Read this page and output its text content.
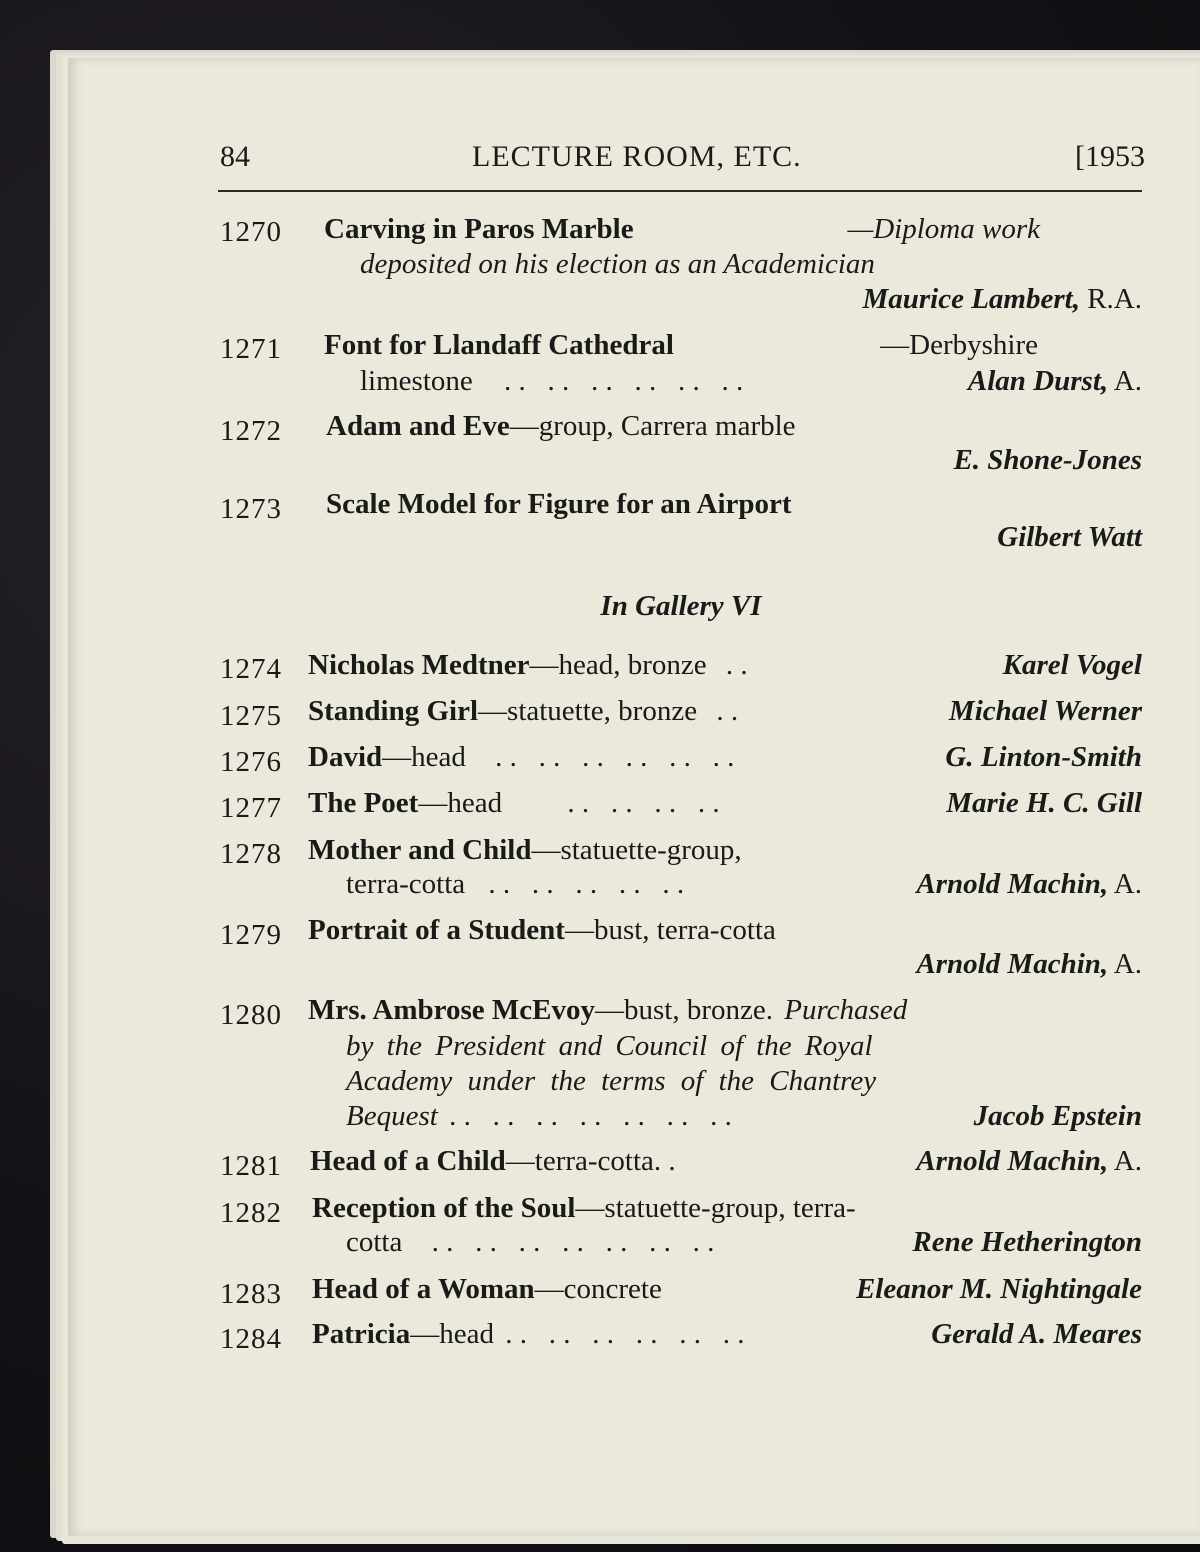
84	LECTURE ROOM, ETC.	[1953
1270 Carving in Paros Marble	—Diploma work
deposited on his election as an Academician
Maurice Lambert, R.A.
1271 Font for Llandaff Cathedral	—Derbyshire
limestone . .   . .   . .   . .   . .   . .	Alan Durst, A.
1272 Adam and Eve—group, Carrera marble
E. Shone-Jones
1273 Scale Model for Figure for an Airport
Gilbert Watt
In Gallery VI
1274 Nicholas Medtner—head, bronze . .	Karel Vogel
1275 Standing Girl—statuette, bronze . .	Michael Werner
1276 David—head . .   . .   . .   . .   . .   . .	G. Linton-Smith
1277 The Poet—head . .   . .   . .   . .	Marie H. C. Gill
1278 Mother and Child—statuette-group,
terra-cotta . .   . .   . .   . .   . .	Arnold Machin, A.
1279 Portrait of a Student—bust, terra-cotta
Arnold Machin, A.
1280 Mrs. Ambrose McEvoy—bust, bronze. Purchased
by the President and Council of the Royal
Academy under the terms of the Chantrey
Bequest . .   . .   . .   . .   . .   . .   . .	Jacob Epstein
1281 Head of a Child—terra-cotta. .	Arnold Machin, A.
1282 Reception of the Soul—statuette-group, terra-
cotta . .   . .   . .   . .   . .   . .   . .	Rene Hetherington
1283 Head of a Woman—concrete	Eleanor M. Nightingale
1284 Patricia—head . .   . .   . .   . .   . .   . .	Gerald A. Meares
